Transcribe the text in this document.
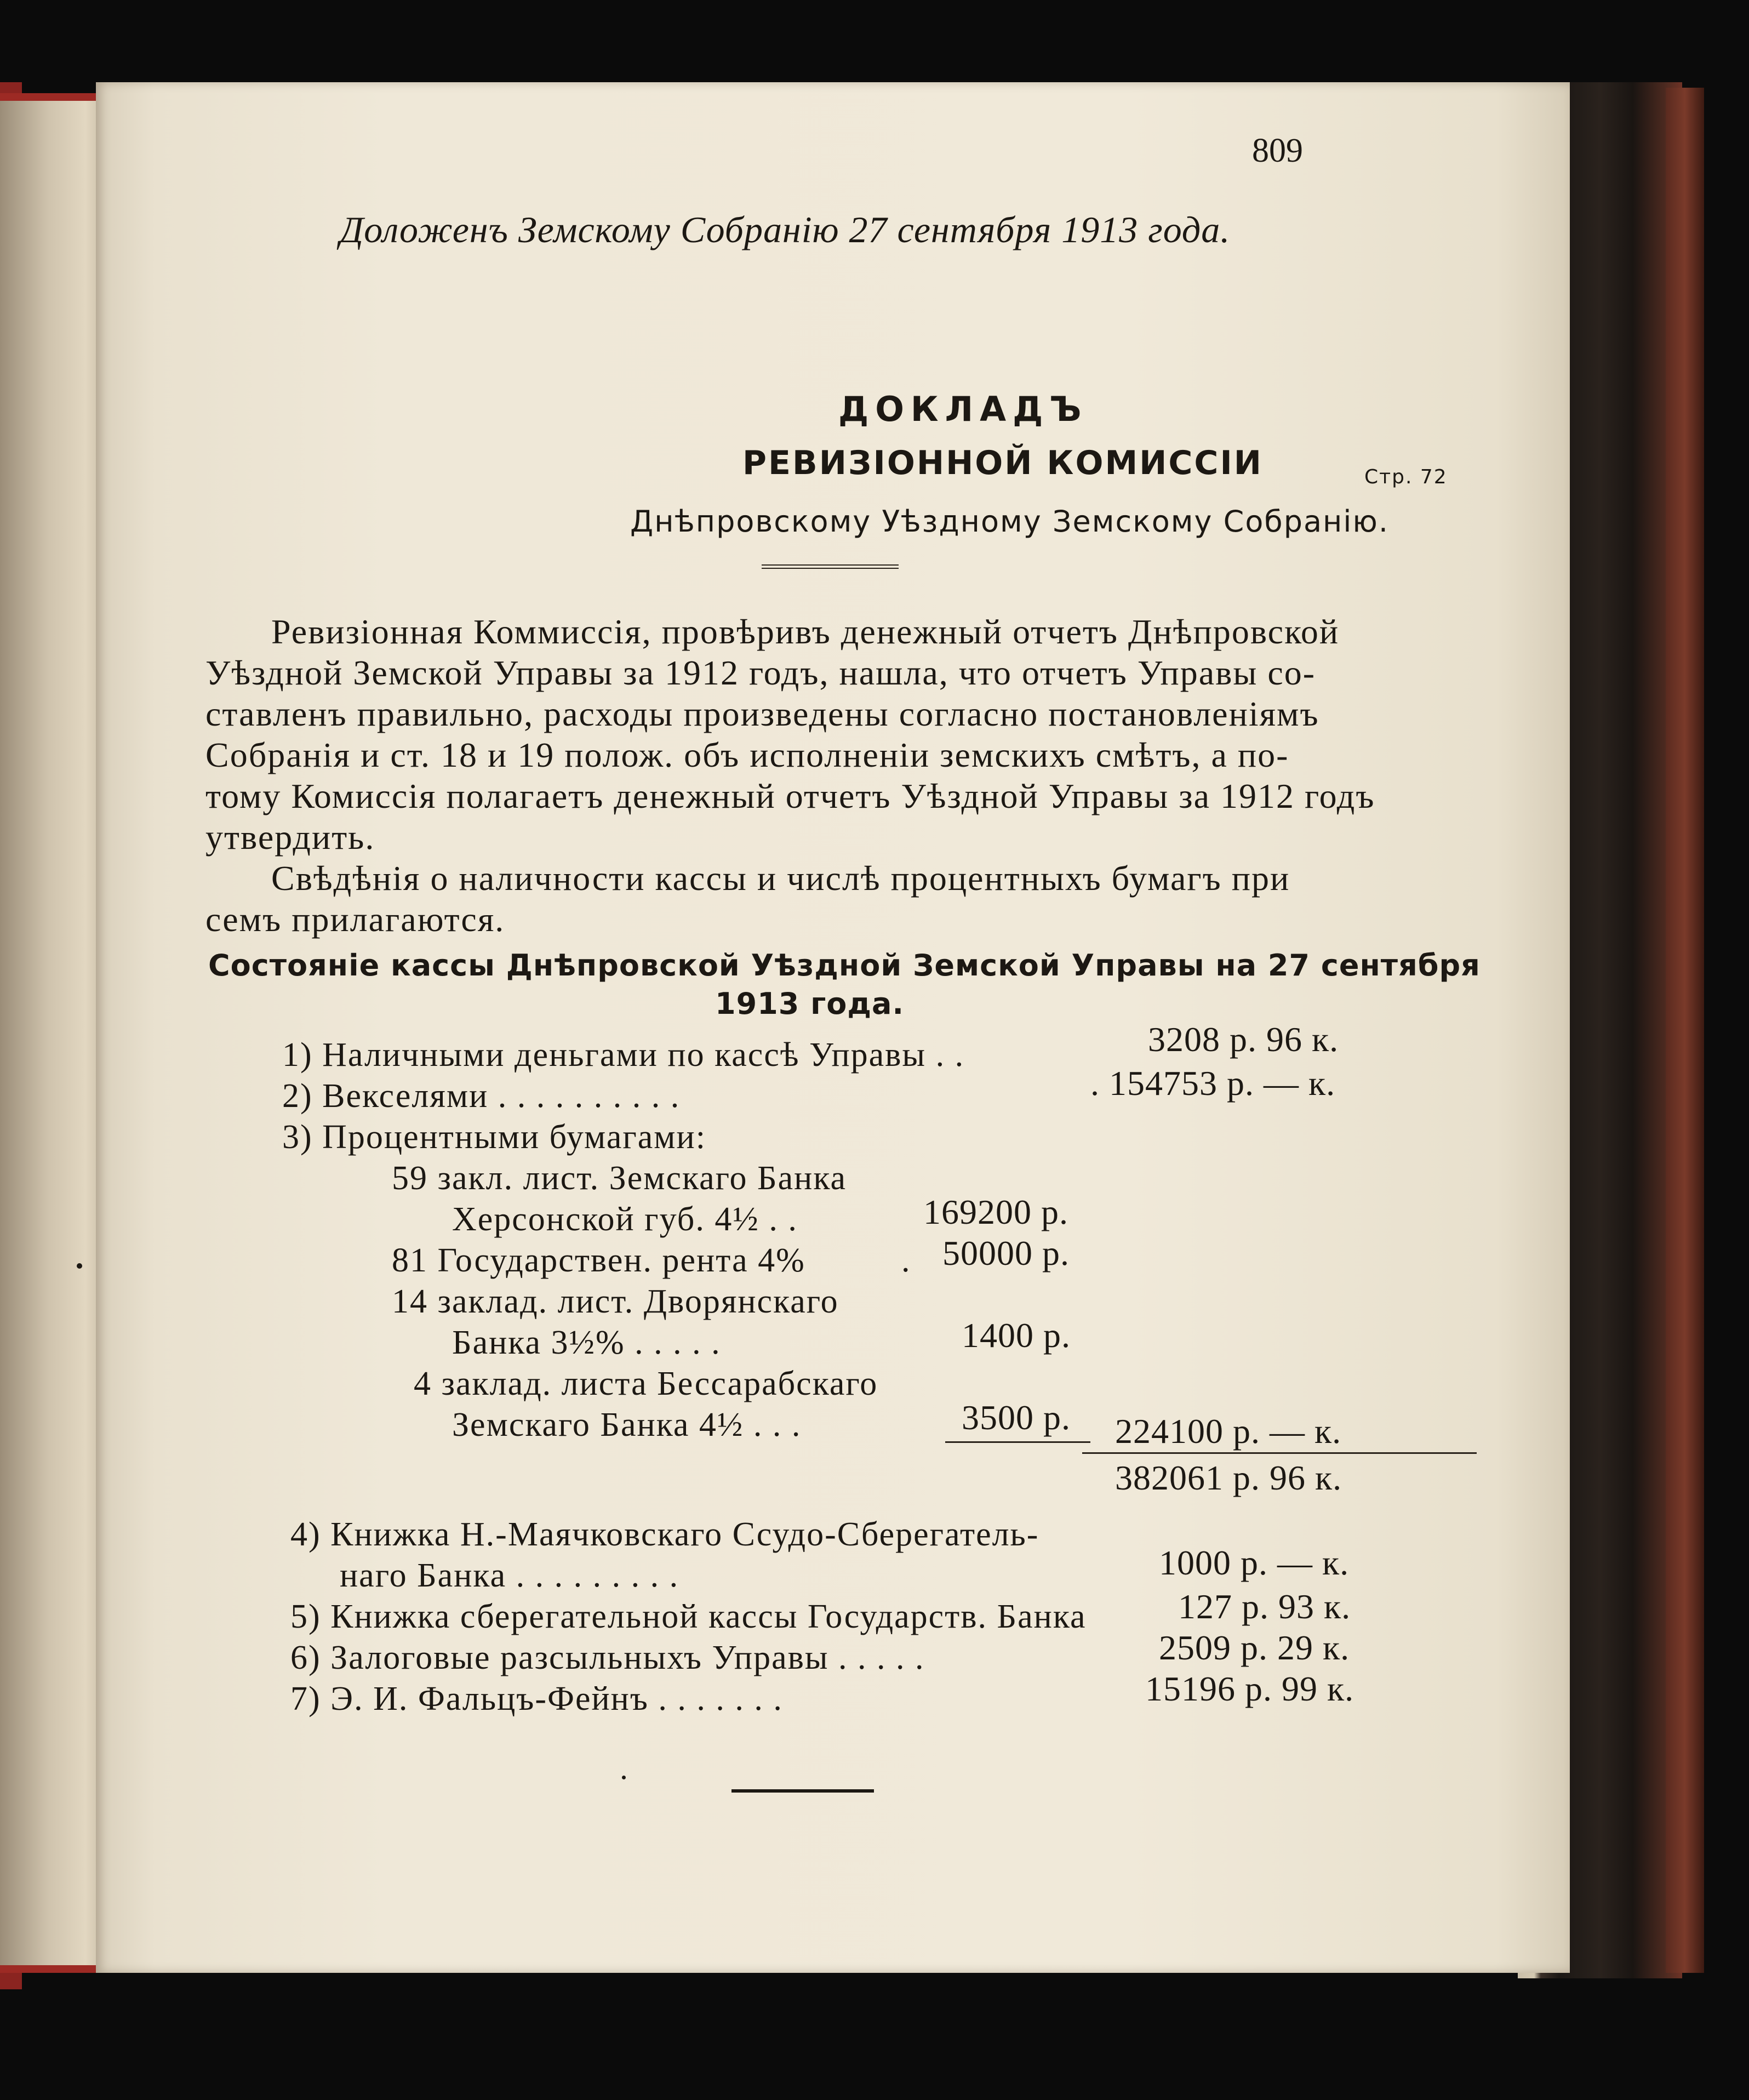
809
Доложенъ Земскому Собранію 27 сентября 1913 года.
ДОКЛАДЪ
РЕВИЗІОННОЙ КОМИССІИ
Днѣпровскому Уѣздному Земскому Собранію.
Стр. 72
Ревизіонная Коммиссія, провѣривъ денежный отчетъ Днѣпровской
Уѣздной Земской Управы за 1912 годъ, нашла, что отчетъ Управы со-
ставленъ правильно, расходы произведены согласно постановленіямъ
Собранія и ст. 18 и 19 полож. объ исполненіи земскихъ смѣтъ, а по-
тому Комиссія полагаетъ денежный отчетъ Уѣздной Управы за 1912 годъ
утвердить.
Свѣдѣнія о наличности кассы и числѣ процентныхъ бумагъ при
семъ прилагаются.
Состояніе кассы Днѣпровской Уѣздной Земской Управы на 27 сентября
1913 года.
1) Наличными деньгами по кассѣ Управы . .	3208 р. 96 к.
2) Векселями . . . . . . . . . .	. 154753 р. — к.
3) Процентными бумагами:
59 закл. лист. Земскаго Банка
Херсонской губ. 4½ . .	169200 р.
81 Государствен. рента 4%	. 50000 р.
14 заклад. лист. Дворянскаго
Банка 3½% . . . . .	1400 р.
4 заклад. листа Бессарабскаго
Земскаго Банка 4½ . . .	3500 р. 224100 р. — к.
382061 р. 96 к.
4) Книжка Н.-Маячковскаго Ссудо-Сберегатель-
наго Банка . . . . . . . . .	1000 р. — к.
5) Книжка сберегательной кассы Государств. Банка	127 р. 93 к.
6) Залоговые разсыльныхъ Управы . . . . .	2509 р. 29 к.
7) Э. И. Фальцъ-Фейнъ . . . . . . .	15196 р. 99 к.
